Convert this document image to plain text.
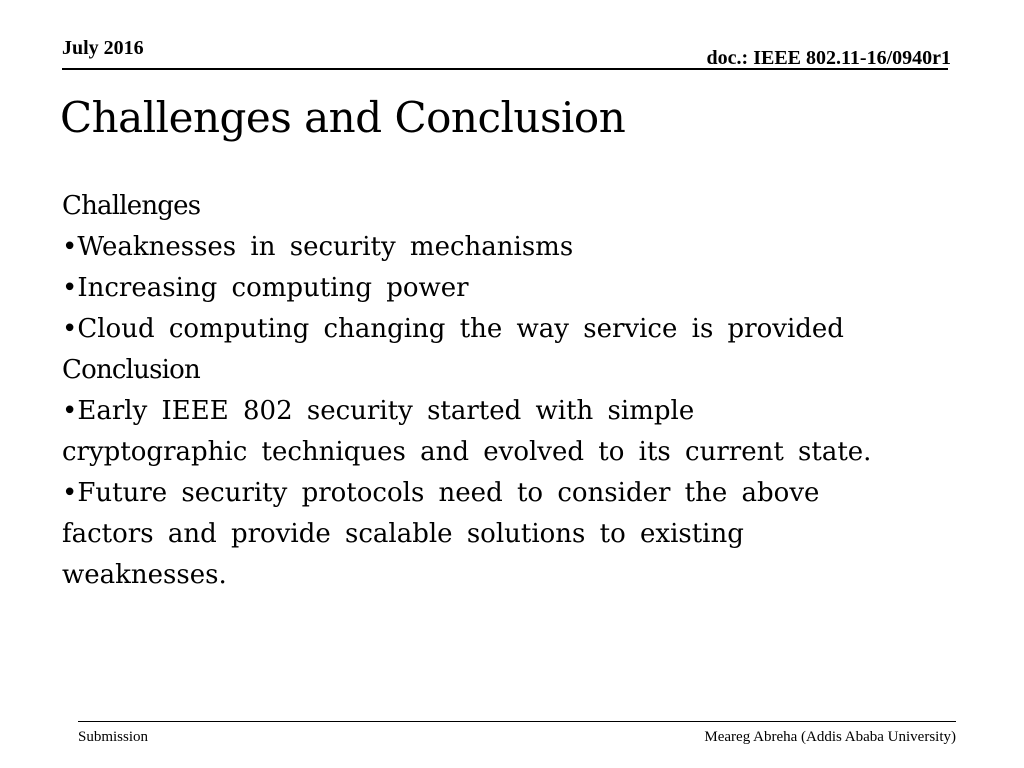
July 2016	doc.: IEEE 802.11-16/0940r1
Challenges and Conclusion
Challenges
•Weaknesses in security mechanisms
•Increasing computing power
•Cloud computing changing the way service is provided
Conclusion
•Early IEEE 802 security started with simple cryptographic techniques and evolved to its current state.
•Future security protocols need to consider the above factors and provide scalable solutions to existing weaknesses.
Submission	Meareg Abreha (Addis Ababa University)
